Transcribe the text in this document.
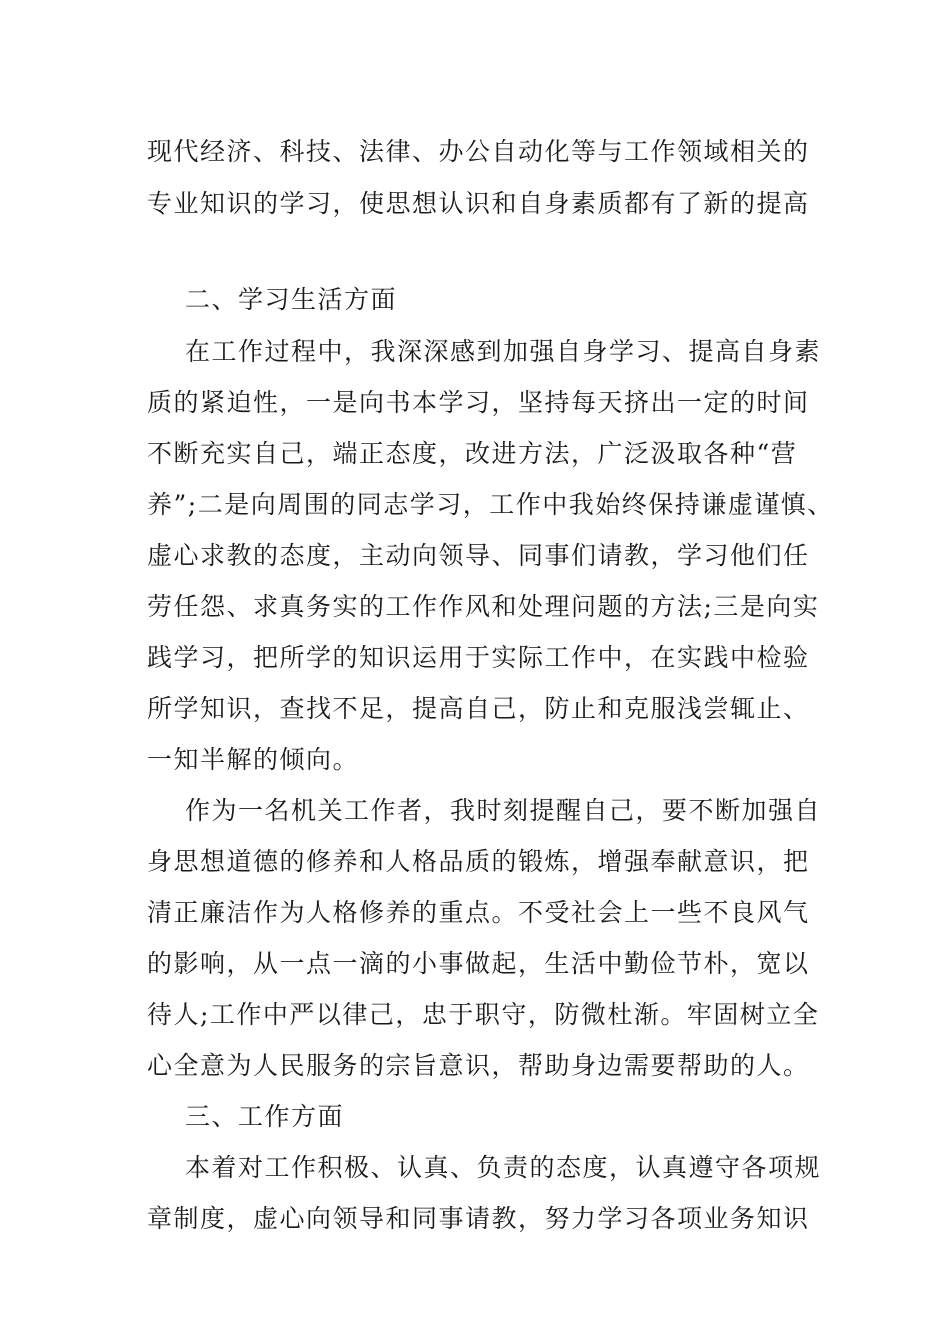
现代经济、科技、法律、办公自动化等与工作领域相关的
专业知识的学习，使思想认识和自身素质都有了新的提高
二、学习生活方面
在工作过程中，我深深感到加强自身学习、提高自身素
质的紧迫性，一是向书本学习，坚持每天挤出一定的时间
不断充实自己，端正态度，改进方法，广泛汲取各种“营
养”;二是向周围的同志学习，工作中我始终保持谦虚谨慎、
虚心求教的态度，主动向领导、同事们请教，学习他们任
劳任怨、求真务实的工作作风和处理问题的方法;三是向实
践学习，把所学的知识运用于实际工作中，在实践中检验
所学知识，查找不足，提高自己，防止和克服浅尝辄止、
一知半解的倾向。
作为一名机关工作者，我时刻提醒自己，要不断加强自
身思想道德的修养和人格品质的锻炼，增强奉献意识，把
清正廉洁作为人格修养的重点。不受社会上一些不良风气
的影响，从一点一滴的小事做起，生活中勤俭节朴，宽以
待人;工作中严以律己，忠于职守，防微杜渐。牢固树立全
心全意为人民服务的宗旨意识，帮助身边需要帮助的人。
三、工作方面
本着对工作积极、认真、负责的态度，认真遵守各项规
章制度，虚心向领导和同事请教，努力学习各项业务知识
